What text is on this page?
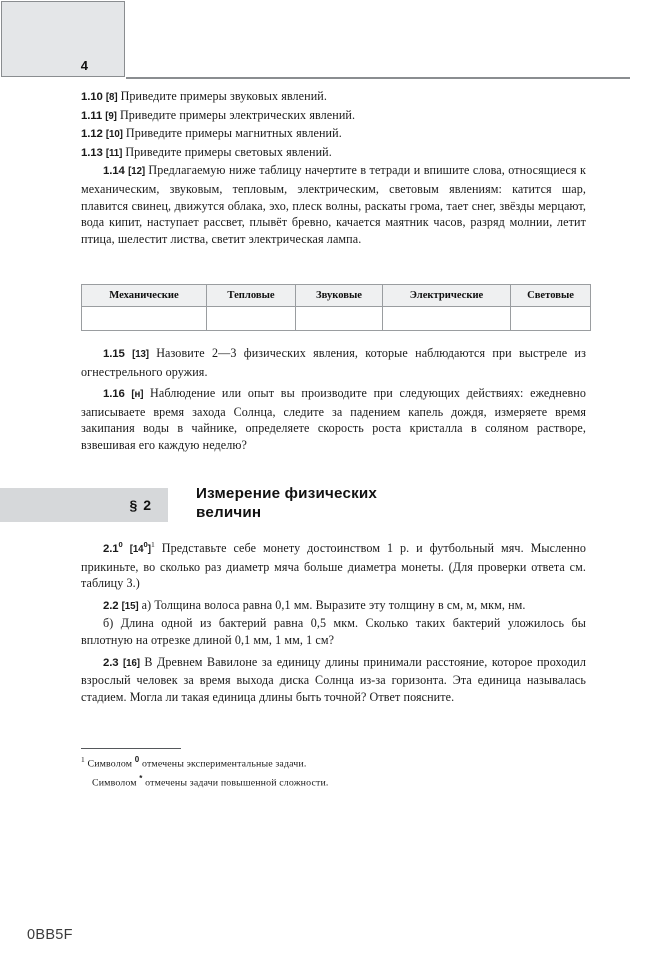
4

1.10 [8] Приведите примеры звуковых явлений.

1.11 [9] Приведите примеры электрических явлений.

1.12 [10] Приведите примеры магнитных явлений.

1.13 [11] Приведите примеры световых явлений.

1.14 [12] Предлагаемую ниже таблицу начертите в тетради и впишите слова, относящиеся к механическим, звуковым, тепловым, электрическим, световым явлениям: катится шар, плавится свинец, движутся облака, эхо, плеск волны, раскаты грома, тает снег, звёзды мерцают, вода кипит, наступает рассвет, плывёт бревно, качается маятник часов, разряд молнии, летит птица, шелестит листва, светит электрическая лампа.

Механические	Тепловые	Звуковые	Электрические	Световые

1.15 [13] Назовите 2—3 физических явления, которые наблюдаются при выстреле из огнестрельного оружия.

1.16 [н] Наблюдение или опыт вы производите при следующих действиях: ежедневно записываете время захода Солнца, следите за падением капель дождя, измеряете время закипания воды в чайнике, определяете скорость роста кристалла в соляном растворе, взвешивая его каждую неделю?

§ 2
Измерение физических
величин

$2.1^0$ $[14^0]^1$ Представьте себе монету достоинством 1 р. и футбольный мяч. Мысленно прикиньте, во сколько раз диаметр мяча больше диаметра монеты. (Для проверки ответа см. таблицу 3.)

2.2 [15] а) Толщина волоса равна 0,1 мм. Выразите эту толщину в см, м, мкм, нм.

б) Длина одной из бактерий равна 0,5 мкм. Сколько таких бактерий уложилось бы вплотную на отрезке длиной 0,1 мм, 1 мм, 1 см?

2.3 [16] В Древнем Вавилоне за единицу длины принимали расстояние, которое проходил взрослый человек за время выхода диска Солнца из-за горизонта. Эта единица называлась стадием. Могла ли такая единица длины быть точной? Ответ поясните.

$^1$ Символом $^0$ отмечены экспериментальные задачи.
Символом * отмечены задачи повышенной сложности.
0BB5F
